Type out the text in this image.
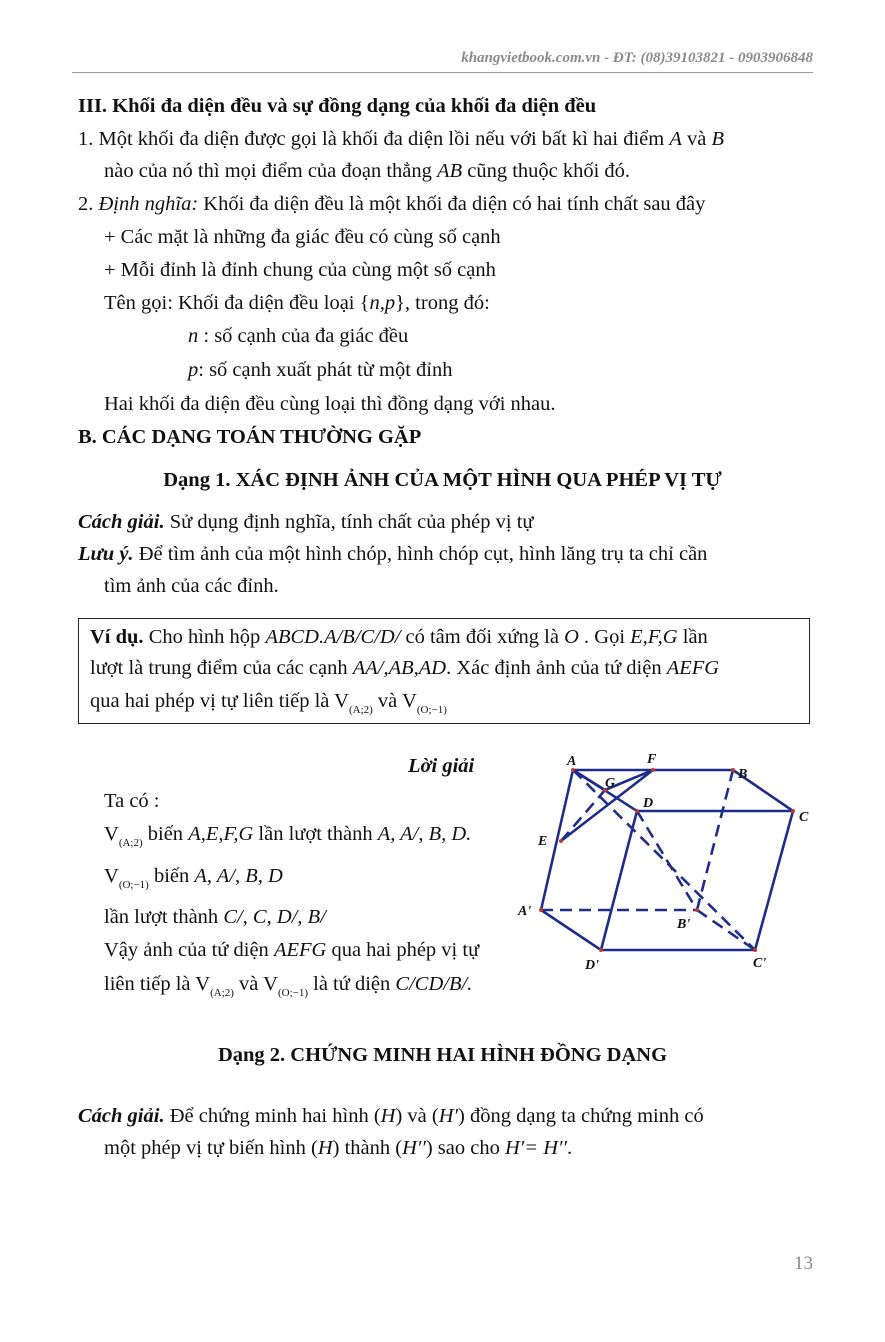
khangvietbook.com.vn - ĐT: (08)39103821 - 0903906848
III. Khối đa diện đều và sự đồng dạng của khối đa diện đều
1. Một khối đa diện được gọi là khối đa diện lồi nếu với bất kì hai điểm A và B
nào của nó thì mọi điểm của đoạn thẳng AB cũng thuộc khối đó.
2. Định nghĩa: Khối đa diện đều là một khối đa diện có hai tính chất sau đây
+ Các mặt là những đa giác đều có cùng số cạnh
+ Mỗi đỉnh là đỉnh chung của cùng một số cạnh
Tên gọi: Khối đa diện đều loại {n,p}, trong đó:
n : số cạnh của đa giác đều
p: số cạnh xuất phát từ một đỉnh
Hai khối đa diện đều cùng loại thì đồng dạng với nhau.
B. CÁC DẠNG TOÁN THƯỜNG GẶP
Dạng 1. XÁC ĐỊNH ẢNH CỦA MỘT HÌNH QUA PHÉP VỊ TỰ
Cách giải. Sử dụng định nghĩa, tính chất của phép vị tự
Lưu ý. Để tìm ảnh của một hình chóp, hình chóp cụt, hình lăng trụ ta chỉ cần
tìm ảnh của các đỉnh.
Ví dụ. Cho hình hộp ABCD.A/B/C/D/ có tâm đối xứng là O . Gọi E,F,G lần
lượt là trung điểm của các cạnh AA/,AB,AD. Xác định ảnh của tứ diện AEFG
qua hai phép vị tự liên tiếp là $V_{(A;2)}$ và $V_{(O;-1)}$
Lời giải
Ta có :
$V_{(A;2)}$ biến A,E,F,G lần lượt thành A, A/, B, D.
$V_{(O;-1)}$ biến A, A/, B, D
lần lượt thành C/, C, D/, B/
Vậy ảnh của tứ diện AEFG qua hai phép vị tự
liên tiếp là $V_{(A;2)}$ và $V_{(O;-1)}$ là tứ diện C/CD/B/.
A	F
B
G
D
C
E
A'
B'
D'	C'
Dạng 2. CHỨNG MINH HAI HÌNH ĐỒNG DẠNG
Cách giải. Để chứng minh hai hình (H) và (H′) đồng dạng ta chứng minh có
một phép vị tự biến hình (H) thành (H′′) sao cho H′= H′′.
13
